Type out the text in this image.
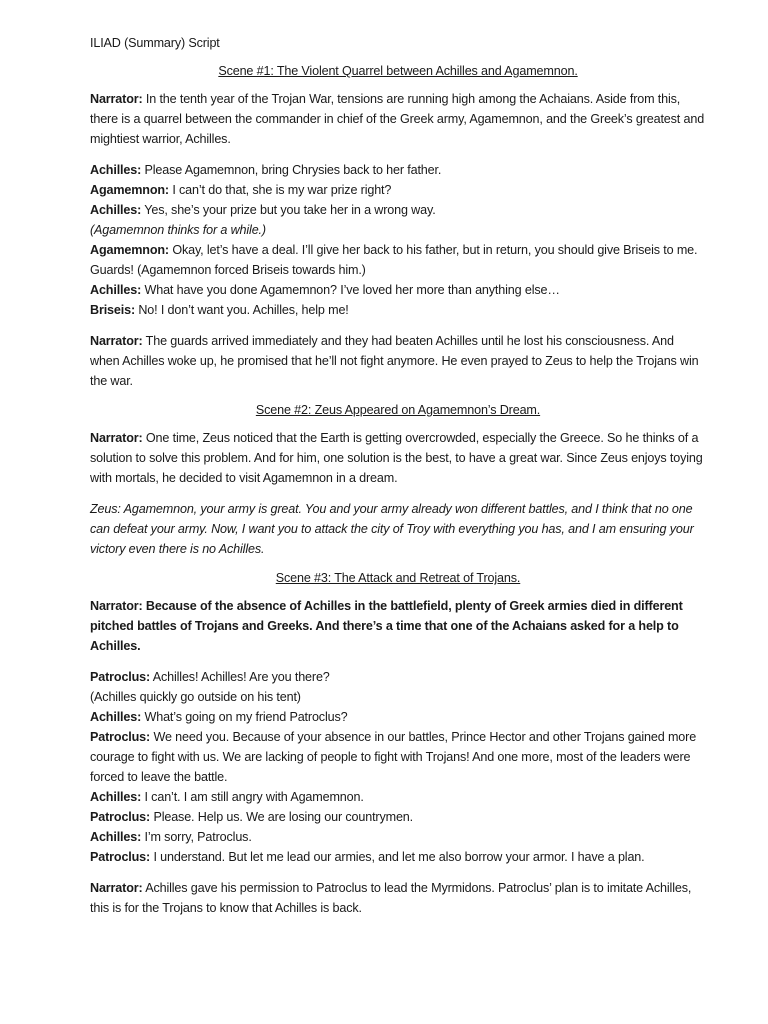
ILIAD (Summary) Script
Scene #1: The Violent Quarrel between Achilles and Agamemnon.

Narrator: In the tenth year of the Trojan War, tensions are running high among the Achaians. Aside from this, there is a quarrel between the commander in chief of the Greek army, Agamemnon, and the Greek’s greatest and mightiest warrior, Achilles.

Achilles: Please Agamemnon, bring Chrysies back to her father.
Agamemnon: I can’t do that, she is my war prize right?
Achilles: Yes, she’s your prize but you take her in a wrong way.
(Agamemnon thinks for a while.)
Agamemnon: Okay, let’s have a deal. I’ll give her back to his father, but in return, you should give Briseis to me. Guards! (Agamemnon forced Briseis towards him.)
Achilles: What have you done Agamemnon? I’ve loved her more than anything else…
Briseis: No! I don’t want you. Achilles, help me!

Narrator: The guards arrived immediately and they had beaten Achilles until he lost his consciousness. And when Achilles woke up, he promised that he’ll not fight anymore. He even prayed to Zeus to help the Trojans win the war.

Scene #2: Zeus Appeared on Agamemnon’s Dream.

Narrator: One time, Zeus noticed that the Earth is getting overcrowded, especially the Greece. So he thinks of a solution to solve this problem. And for him, one solution is the best, to have a great war. Since Zeus enjoys toying with mortals, he decided to visit Agamemnon in a dream.

Zeus: Agamemnon, your army is great. You and your army already won different battles, and I think that no one can defeat your army. Now, I want you to attack the city of Troy with everything you has, and I am ensuring your victory even there is no Achilles.

Scene #3: The Attack and Retreat of Trojans.

Narrator: Because of the absence of Achilles in the battlefield, plenty of Greek armies died in different pitched battles of Trojans and Greeks. And there’s a time that one of the Achaians asked for a help to Achilles.

Patroclus: Achilles! Achilles! Are you there?
(Achilles quickly go outside on his tent)
Achilles: What’s going on my friend Patroclus?
Patroclus: We need you. Because of your absence in our battles, Prince Hector and other Trojans gained more courage to fight with us. We are lacking of people to fight with Trojans! And one more, most of the leaders were forced to leave the battle.
Achilles: I can’t. I am still angry with Agamemnon.
Patroclus: Please. Help us. We are losing our countrymen.
Achilles: I’m sorry, Patroclus.
Patroclus: I understand. But let me lead our armies, and let me also borrow your armor. I have a plan.

Narrator: Achilles gave his permission to Patroclus to lead the Myrmidons. Patroclus’ plan is to imitate Achilles, this is for the Trojans to know that Achilles is back.
